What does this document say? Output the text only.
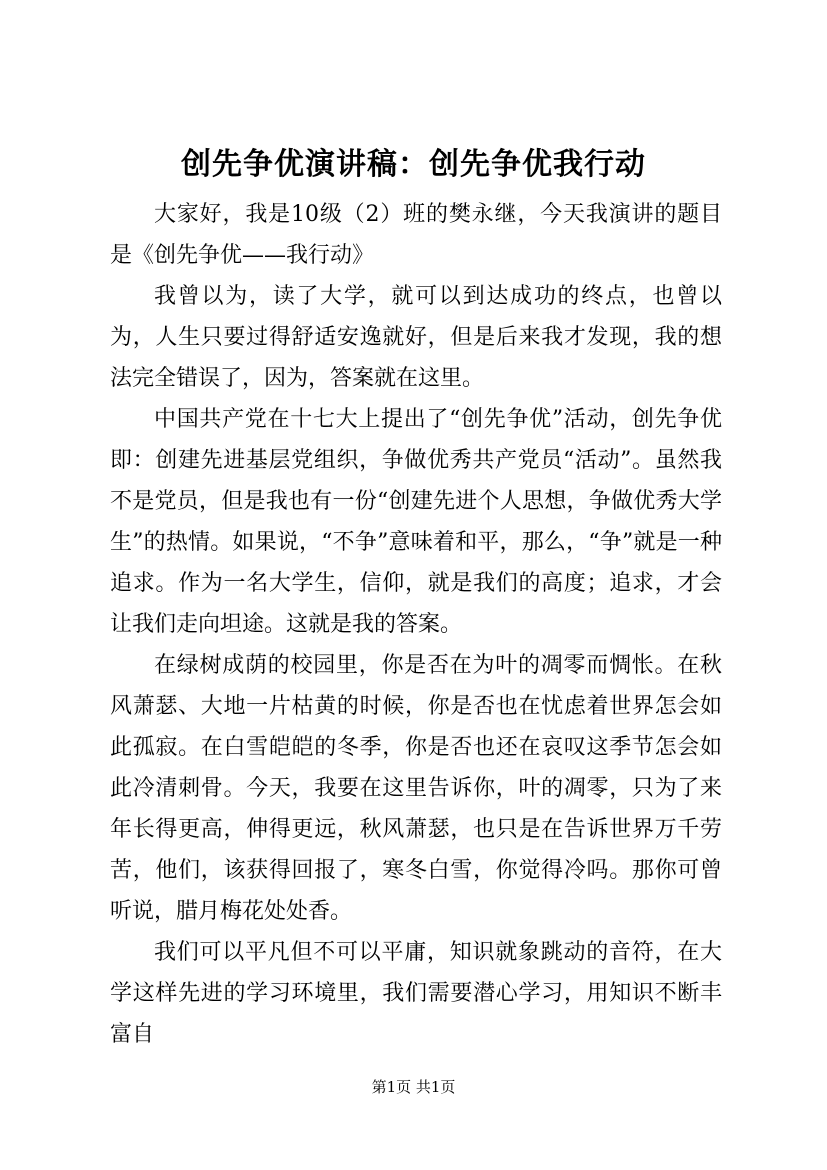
创先争优演讲稿：创先争优我行动

大家好，我是10级（2）班的樊永继，今天我演讲的题目是《创先争优——我行动》

我曾以为，读了大学，就可以到达成功的终点，也曾以为，人生只要过得舒适安逸就好，但是后来我才发现，我的想法完全错误了，因为，答案就在这里。

中国共产党在十七大上提出了“创先争优”活动，创先争优即：创建先进基层党组织，争做优秀共产党员“活动”。虽然我不是党员，但是我也有一份“创建先进个人思想，争做优秀大学生”的热情。如果说，“不争”意味着和平，那么，“争”就是一种追求。作为一名大学生，信仰，就是我们的高度；追求，才会让我们走向坦途。这就是我的答案。

在绿树成荫的校园里，你是否在为叶的凋零而惆怅。在秋风萧瑟、大地一片枯黄的时候，你是否也在忧虑着世界怎会如此孤寂。在白雪皑皑的冬季，你是否也还在哀叹这季节怎会如此冷清刺骨。今天，我要在这里告诉你，叶的凋零，只为了来年长得更高，伸得更远，秋风萧瑟，也只是在告诉世界万千劳苦，他们，该获得回报了，寒冬白雪，你觉得冷吗。那你可曾听说，腊月梅花处处香。

我们可以平凡但不可以平庸，知识就象跳动的音符，在大学这样先进的学习环境里，我们需要潜心学习，用知识不断丰富自

第1页 共1页
